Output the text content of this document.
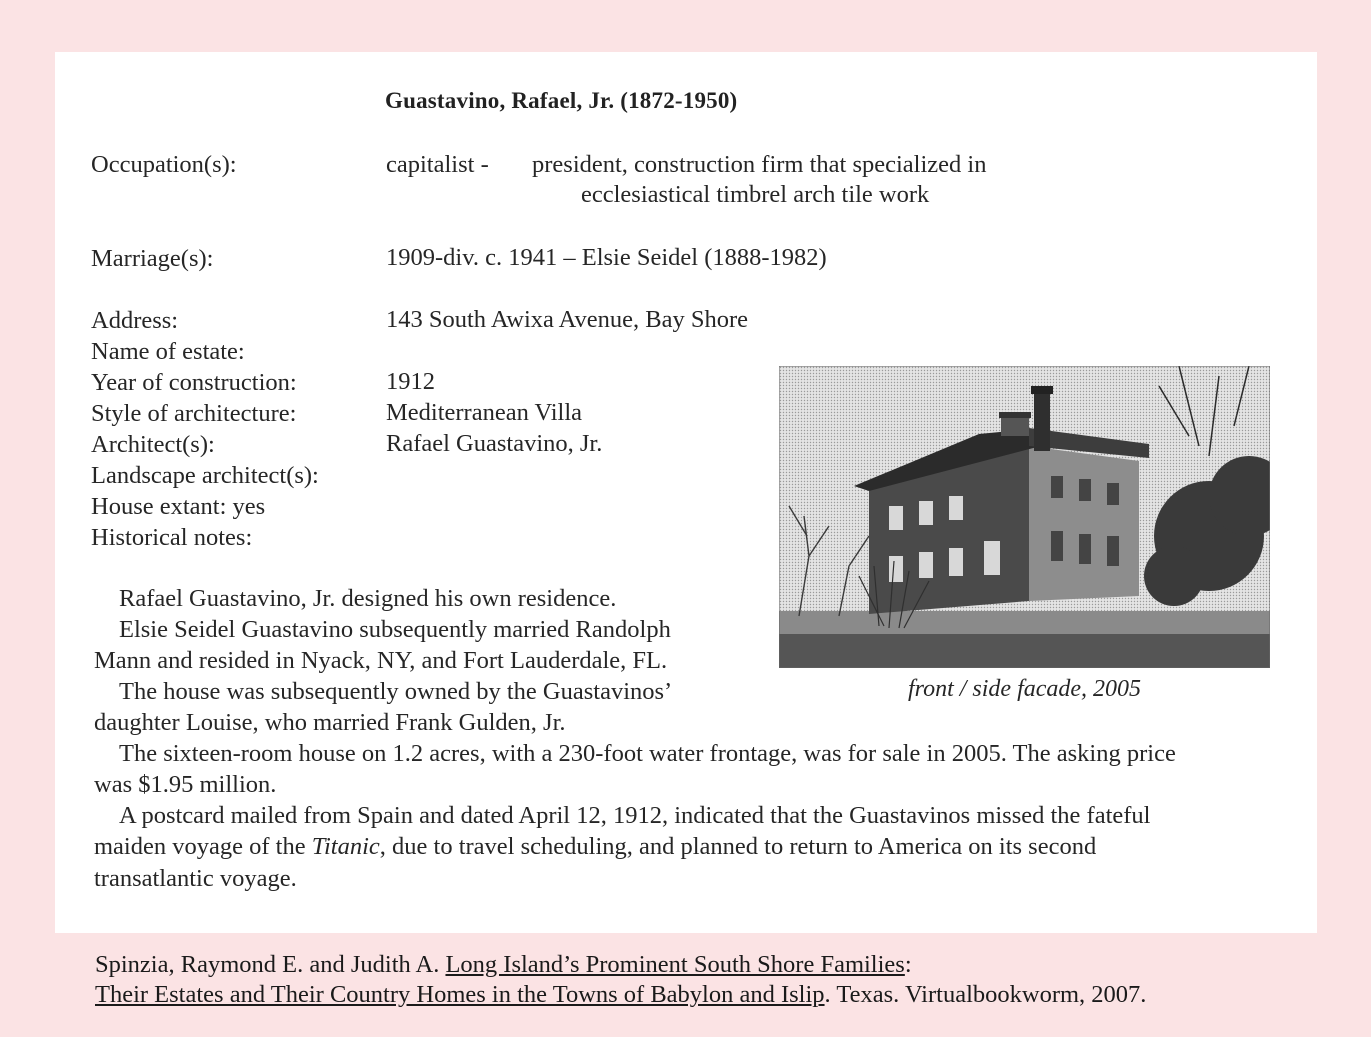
Guastavino, Rafael, Jr. (1872-1950)
Occupation(s):	capitalist - president, construction firm that specialized in
ecclesiastical timbrel arch tile work
Marriage(s):	1909-div. c. 1941 – Elsie Seidel (1888-1982)
Address:	143 South Awixa Avenue, Bay Shore
Name of estate:
Year of construction:	1912
Style of architecture:	Mediterranean Villa
Architect(s):	Rafael Guastavino, Jr.
Landscape architect(s):
House extant: yes
Historical notes:
front / side facade, 2005
Rafael Guastavino, Jr. designed his own residence.
Elsie Seidel Guastavino subsequently married Randolph
Mann and resided in Nyack, NY, and Fort Lauderdale, FL.
The house was subsequently owned by the Guastavinos’
daughter Louise, who married Frank Gulden, Jr.
The sixteen-room house on 1.2 acres, with a 230-foot water frontage, was for sale in 2005. The asking price
was $1.95 million.
A postcard mailed from Spain and dated April 12, 1912, indicated that the Guastavinos missed the fateful
maiden voyage of the Titanic, due to travel scheduling, and planned to return to America on its second
transatlantic voyage.
Spinzia, Raymond E. and Judith A. Long Island’s Prominent South Shore Families:
Their Estates and Their Country Homes in the Towns of Babylon and Islip. Texas. Virtualbookworm, 2007.
